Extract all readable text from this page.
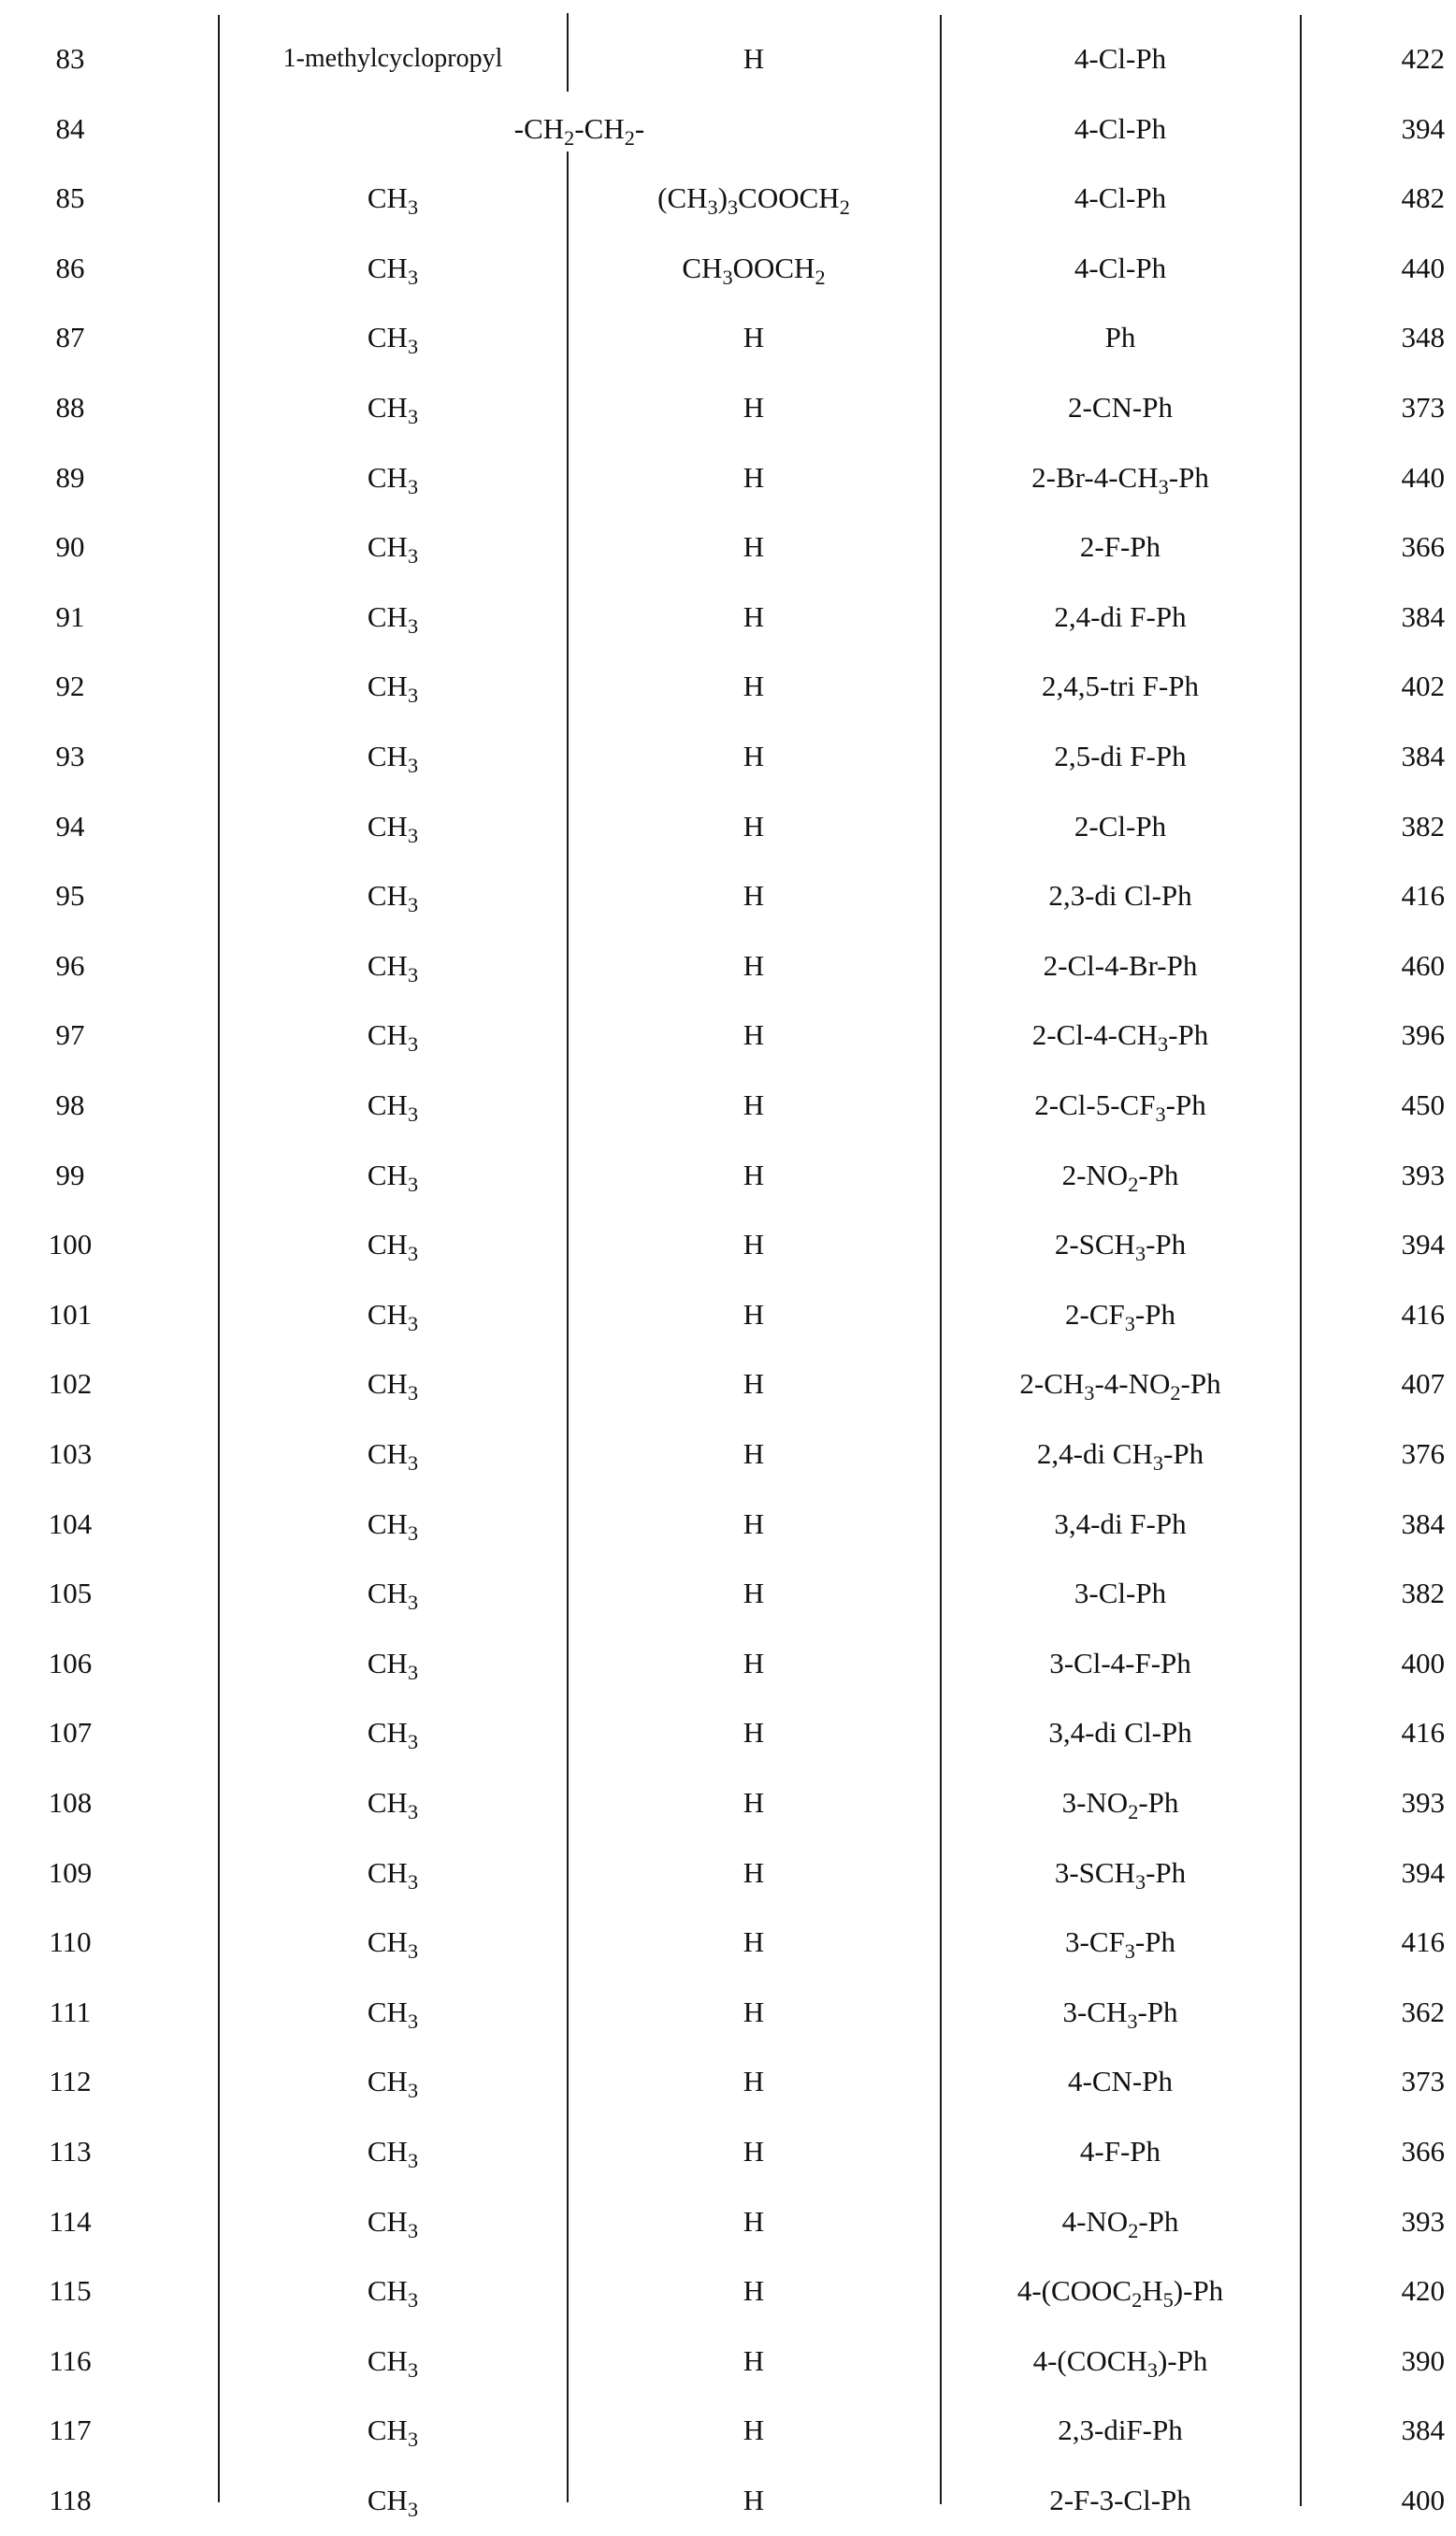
83	1-methylcyclopropyl	H	4-Cl-Ph	422
84	$-CH_2-CH_2-$	4-Cl-Ph	394
85	$CH_3$	$(CH_3)_3COOCH_2$	4-Cl-Ph	482
86	$CH_3$	$CH_3OOCH_2$	4-Cl-Ph	440
87	$CH_3$	H	Ph	348
88	$CH_3$	H	2-CN-Ph	373
89	$CH_3$	H	$2-Br-4-CH_3-Ph$	440
90	$CH_3$	H	2-F-Ph	366
91	$CH_3$	H	2,4-di F-Ph	384
92	$CH_3$	H	2,4,5-tri F-Ph	402
93	$CH_3$	H	2,5-di F-Ph	384
94	$CH_3$	H	2-Cl-Ph	382
95	$CH_3$	H	2,3-di Cl-Ph	416
96	$CH_3$	H	2-Cl-4-Br-Ph	460
97	$CH_3$	H	$2-Cl-4-CH_3-Ph$	396
98	$CH_3$	H	$2-Cl-5-CF_3-Ph$	450
99	$CH_3$	H	$2-NO_2-Ph$	393
100	$CH_3$	H	$2-SCH_3-Ph$	394
101	$CH_3$	H	$2-CF_3-Ph$	416
102	$CH_3$	H	$2-CH_3-4-NO_2-Ph$	407
103	$CH_3$	H	2,4-di $CH_3-Ph$	376
104	$CH_3$	H	3,4-di F-Ph	384
105	$CH_3$	H	3-Cl-Ph	382
106	$CH_3$	H	3-Cl-4-F-Ph	400
107	$CH_3$	H	3,4-di Cl-Ph	416
108	$CH_3$	H	$3-NO_2-Ph$	393
109	$CH_3$	H	$3-SCH_3-Ph$	394
110	$CH_3$	H	$3-CF_3-Ph$	416
111	$CH_3$	H	$3-CH_3-Ph$	362
112	$CH_3$	H	4-CN-Ph	373
113	$CH_3$	H	4-F-Ph	366
114	$CH_3$	H	$4-NO_2-Ph$	393
115	$CH_3$	H	$4-(COOC_2H_5)-Ph$	420
116	$CH_3$	H	$4-(COCH_3)-Ph$	390
117	$CH_3$	H	2,3-diF-Ph	384
118	$CH_3$	H	2-F-3-Cl-Ph	400
